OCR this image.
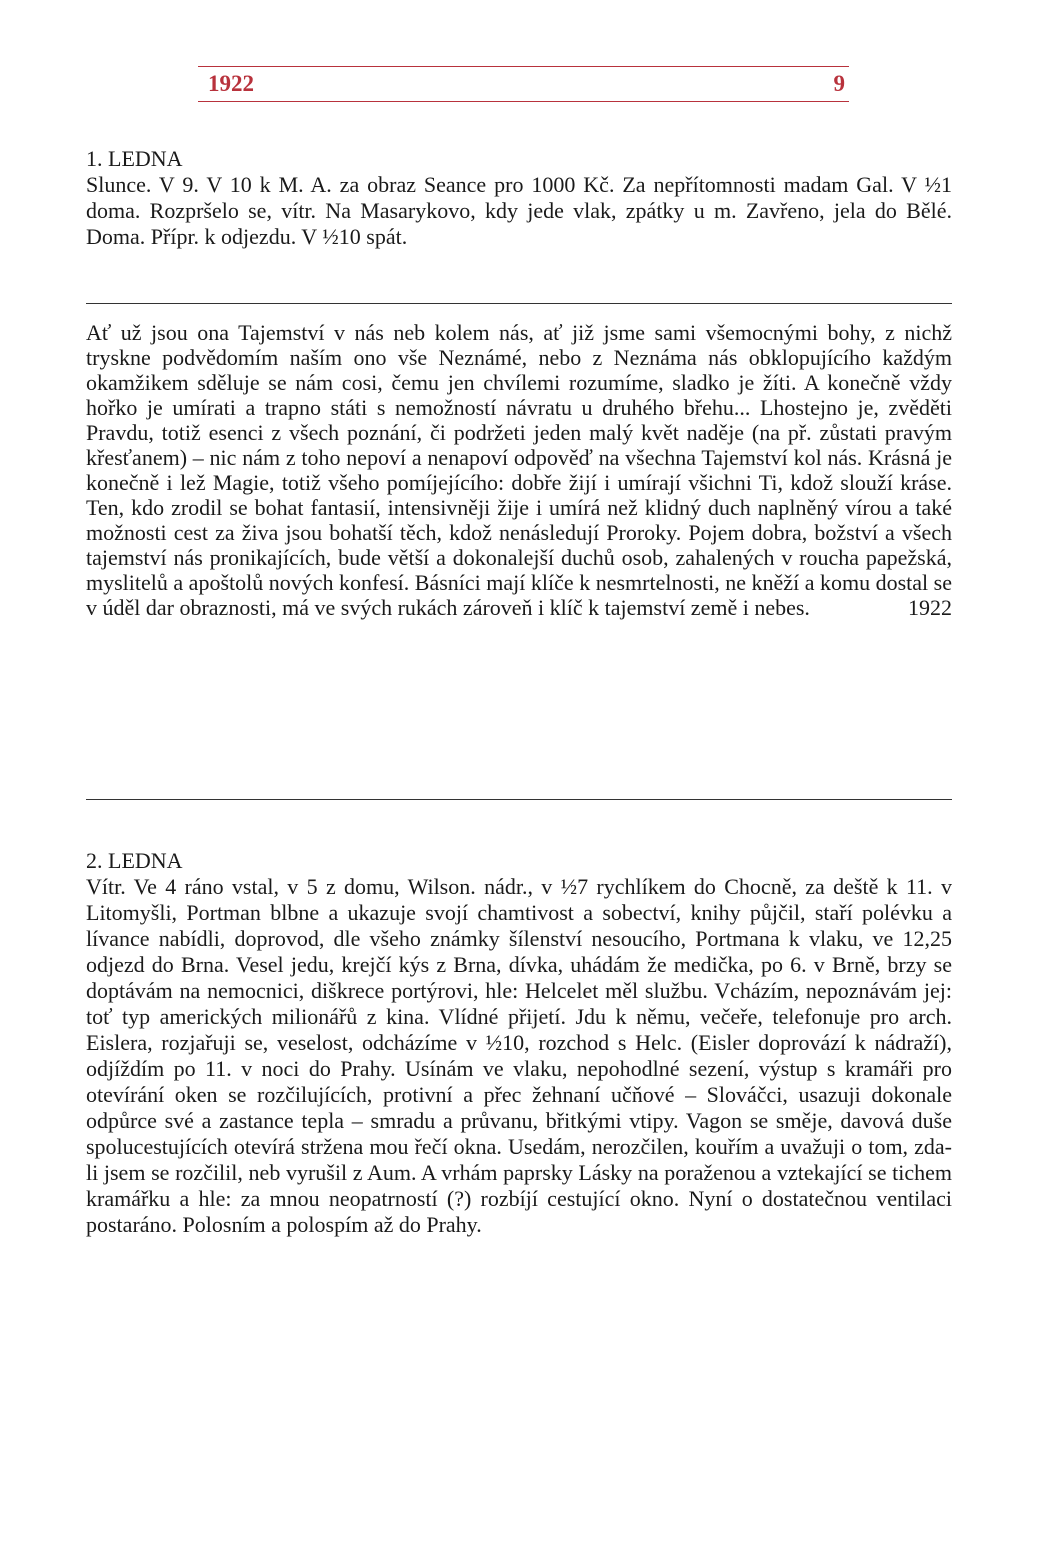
1922	9
1. LEDNA
Slunce. V 9. V 10 k M. A. za obraz Seance pro 1000 Kč. Za nepřítomnosti madam Gal. V ½1 doma. Rozpršelo se, vítr. Na Masarykovo, kdy jede vlak, zpátky u m. Zavřeno, jela do Bělé. Doma. Přípr. k odjezdu. V ½10 spát.
Ať už jsou ona Tajemství v nás neb kolem nás, ať již jsme sami všemocnými bohy, z nichž tryskne podvědomím naším ono vše Neznámé, nebo z Neznáma nás obklopujícího každým okamžikem sděluje se nám cosi, čemu jen chvílemi rozumíme, sladko je žíti. A konečně vždy hořko je umírati a trapno státi s nemožností návratu u druhého břehu... Lhostejno je, zvěděti Pravdu, totiž esenci z všech poznání, či podržeti jeden malý květ naděje (na př. zůstati pravým křesťanem) – nic nám z toho nepoví a nenapoví odpověď na všechna Tajemství kol nás. Krásná je konečně i lež Magie, totiž všeho pomíjejícího: dobře žijí i umírají všichni Ti, kdož slouží kráse. Ten, kdo zrodil se bohat fantasií, intensivněji žije i umírá než klidný duch naplněný vírou a také možnosti cest za živa jsou bohatší těch, kdož nenásledují Proroky. Pojem dobra, božství a všech tajemství nás pronikajících, bude větší a dokonalejší duchů osob, zahalených v roucha papežská, myslitelů a apoštolů nových konfesí. Básníci mají klíče k nesmrtelnosti, ne kněží a komu dostal se v úděl dar obraznosti, má ve svých rukách zároveň i klíč k tajemství země i nebes.	1922
2. LEDNA
Vítr. Ve 4 ráno vstal, v 5 z domu, Wilson. nádr., v ½7 rychlíkem do Chocně, za deště k 11. v Litomyšli, Portman blbne a ukazuje svojí chamtivost a sobectví, knihy půjčil, staří polévku a lívance nabídli, doprovod, dle všeho známky šílenství nesoucího, Portmana k vlaku, ve 12,25 odjezd do Brna. Vesel jedu, krejčí kýs z Brna, dívka, uhádám že medička, po 6. v Brně, brzy se doptávám na nemocnici, diškrece portýrovi, hle: Helcelet měl službu. Vcházím, nepoznávám jej: toť typ amerických milionářů z kina. Vlídné přijetí. Jdu k němu, večeře, telefonuje pro arch. Eislera, rozjařuji se, veselost, odcházíme v ½10, rozchod s Helc. (Eisler doprovází k nádraží), odjíždím po 11. v noci do Prahy. Usínám ve vlaku, nepohodlné sezení, výstup s kramáři pro otevírání oken se rozčilujících, protivní a přec žehnaní učňové – Slováčci, usazuji dokonale odpůrce své a zastance tepla – smradu a průvanu, břitkými vtipy. Vagon se směje, davová duše spolucestujících otevírá stržena mou řečí okna. Usedám, nerozčilen, kouřím a uvažuji o tom, zda-li jsem se rozčilil, neb vyrušil z Aum. A vrhám paprsky Lásky na poraženou a vztekající se tichem kramářku a hle: za mnou neopatrností (?) rozbíjí cestující okno. Nyní o dostatečnou ventilaci postaráno. Polosním a polospím až do Prahy.
